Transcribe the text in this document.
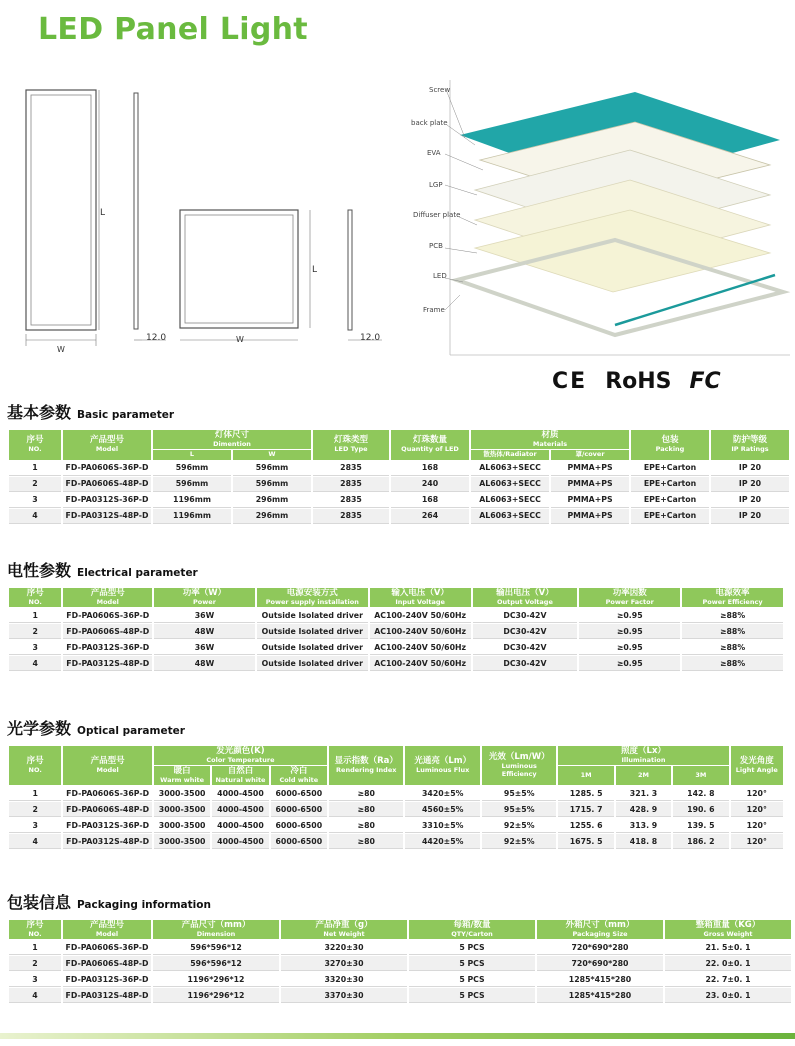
LED Panel Light
L
W
12.0
L
W	12.0
Screw
back plate
EVA
LGP
Diffuser plate
PCB
LED
Frame
CE RoHS FC
基本参数 Basic parameter
序号
NO.	产品型号
Model	灯体尺寸
Dimention		灯珠类型
LED Type	灯珠数量
Quantity of LED	材质
Materials		包装
Packing	防护等级
IP Ratings

		L	W			散热体/Radiator	罩/cover		
1	FD-PA0606S-36P-D	596mm	596mm	2835	168	AL6063+SECC	PMMA+PS	EPE+Carton	IP 20
2	FD-PA0606S-48P-D	596mm	596mm	2835	240	AL6063+SECC	PMMA+PS	EPE+Carton	IP 20
3	FD-PA0312S-36P-D	1196mm	296mm	2835	168	AL6063+SECC	PMMA+PS	EPE+Carton	IP 20
4	FD-PA0312S-48P-D	1196mm	296mm	2835	264	AL6063+SECC	PMMA+PS	EPE+Carton	IP 20
电性参数 Electrical parameter
序号
NO.	产品型号
Model	功率（W）
Power	电源安装方式
Power supply installation	输入电压（V）
Input Voltage	输出电压（V）
Output Voltage	功率因数
Power Factor	电源效率
Power Efficiency

1	FD-PA0606S-36P-D	36W	Outside Isolated driver	AC100-240V 50/60Hz	DC30-42V	≥0.95	≥88%
2	FD-PA0606S-48P-D	48W	Outside Isolated driver	AC100-240V 50/60Hz	DC30-42V	≥0.95	≥88%
3	FD-PA0312S-36P-D	36W	Outside Isolated driver	AC100-240V 50/60Hz	DC30-42V	≥0.95	≥88%
4	FD-PA0312S-48P-D	48W	Outside Isolated driver	AC100-240V 50/60Hz	DC30-42V	≥0.95	≥88%
光学参数 Optical parameter
序号
NO.	产品型号
Model	发光颜色(K)
Color Temperature			显示指数（Ra）
Rendering Index	光通亮（Lm）
Luminous Flux	光效（Lm/W）
Luminous Efficiency	照度（Lx）
Illumination			发光角度
Light Angle

		暖白
Warm white	自然白
Natural white	冷白
Cold white				1M	2M	3M	
1	FD-PA0606S-36P-D	3000-3500	4000-4500	6000-6500	≥80	3420±5%	95±5%	1285. 5	321. 3	142. 8	120°
2	FD-PA0606S-48P-D	3000-3500	4000-4500	6000-6500	≥80	4560±5%	95±5%	1715. 7	428. 9	190. 6	120°
3	FD-PA0312S-36P-D	3000-3500	4000-4500	6000-6500	≥80	3310±5%	92±5%	1255. 6	313. 9	139. 5	120°
4	FD-PA0312S-48P-D	3000-3500	4000-4500	6000-6500	≥80	4420±5%	92±5%	1675. 5	418. 8	186. 2	120°
包装信息 Packaging information
序号
NO.	产品型号
Model	产品尺寸（mm）
Dimension	产品净重（g）
Net Weight	每箱/数量
QTY/Carton	外箱尺寸（mm）
Packaging Size	整箱重量（KG）
Gross Weight

1	FD-PA0606S-36P-D	596*596*12	3220±30	5 PCS	720*690*280	21. 5±0. 1
2	FD-PA0606S-48P-D	596*596*12	3270±30	5 PCS	720*690*280	22. 0±0. 1
3	FD-PA0312S-36P-D	1196*296*12	3320±30	5 PCS	1285*415*280	22. 7±0. 1
4	FD-PA0312S-48P-D	1196*296*12	3370±30	5 PCS	1285*415*280	23. 0±0. 1
